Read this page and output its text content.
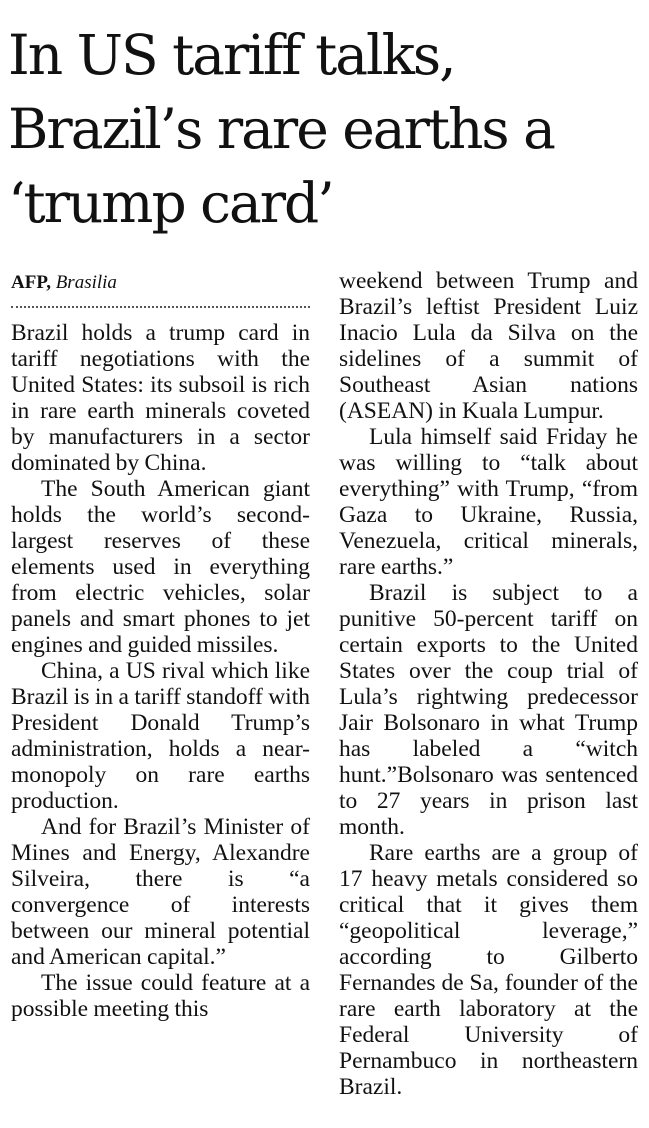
In US tariff talks,
Brazil’s rare earths a
‘trump card’
AFP, Brasilia

Brazil holds a trump card in tariff negotiations with the United States: its subsoil is rich in rare earth minerals coveted by manufacturers in a sector dominated by China.

The South American giant holds the world’s second-largest reserves of these elements used in everything from electric vehicles, solar panels and smart phones to jet engines and guided missiles.

China, a US rival which like Brazil is in a tariff standoff with President Donald Trump’s administration, holds a near-monopoly on rare earths production.

And for Brazil’s Minister of Mines and Energy, Alexandre Silveira, there is “a convergence of interests between our mineral potential and American capital.”

The issue could feature at a possible meeting this

weekend between Trump and Brazil’s leftist President Luiz Inacio Lula da Silva on the sidelines of a summit of Southeast Asian nations (ASEAN) in Kuala Lumpur.

Lula himself said Friday he was willing to “talk about everything” with Trump, “from Gaza to Ukraine, Russia, Venezuela, critical minerals, rare earths.”

Brazil is subject to a punitive 50-percent tariff on certain exports to the United States over the coup trial of Lula’s rightwing predecessor Jair Bolsonaro in what Trump has labeled a “witch hunt.”Bolsonaro was sentenced to 27 years in prison last month.

Rare earths are a group of 17 heavy metals considered so critical that it gives them “geopolitical leverage,” according to Gilberto Fernandes de Sa, founder of the rare earth laboratory at the Federal University of Pernambuco in northeastern Brazil.
